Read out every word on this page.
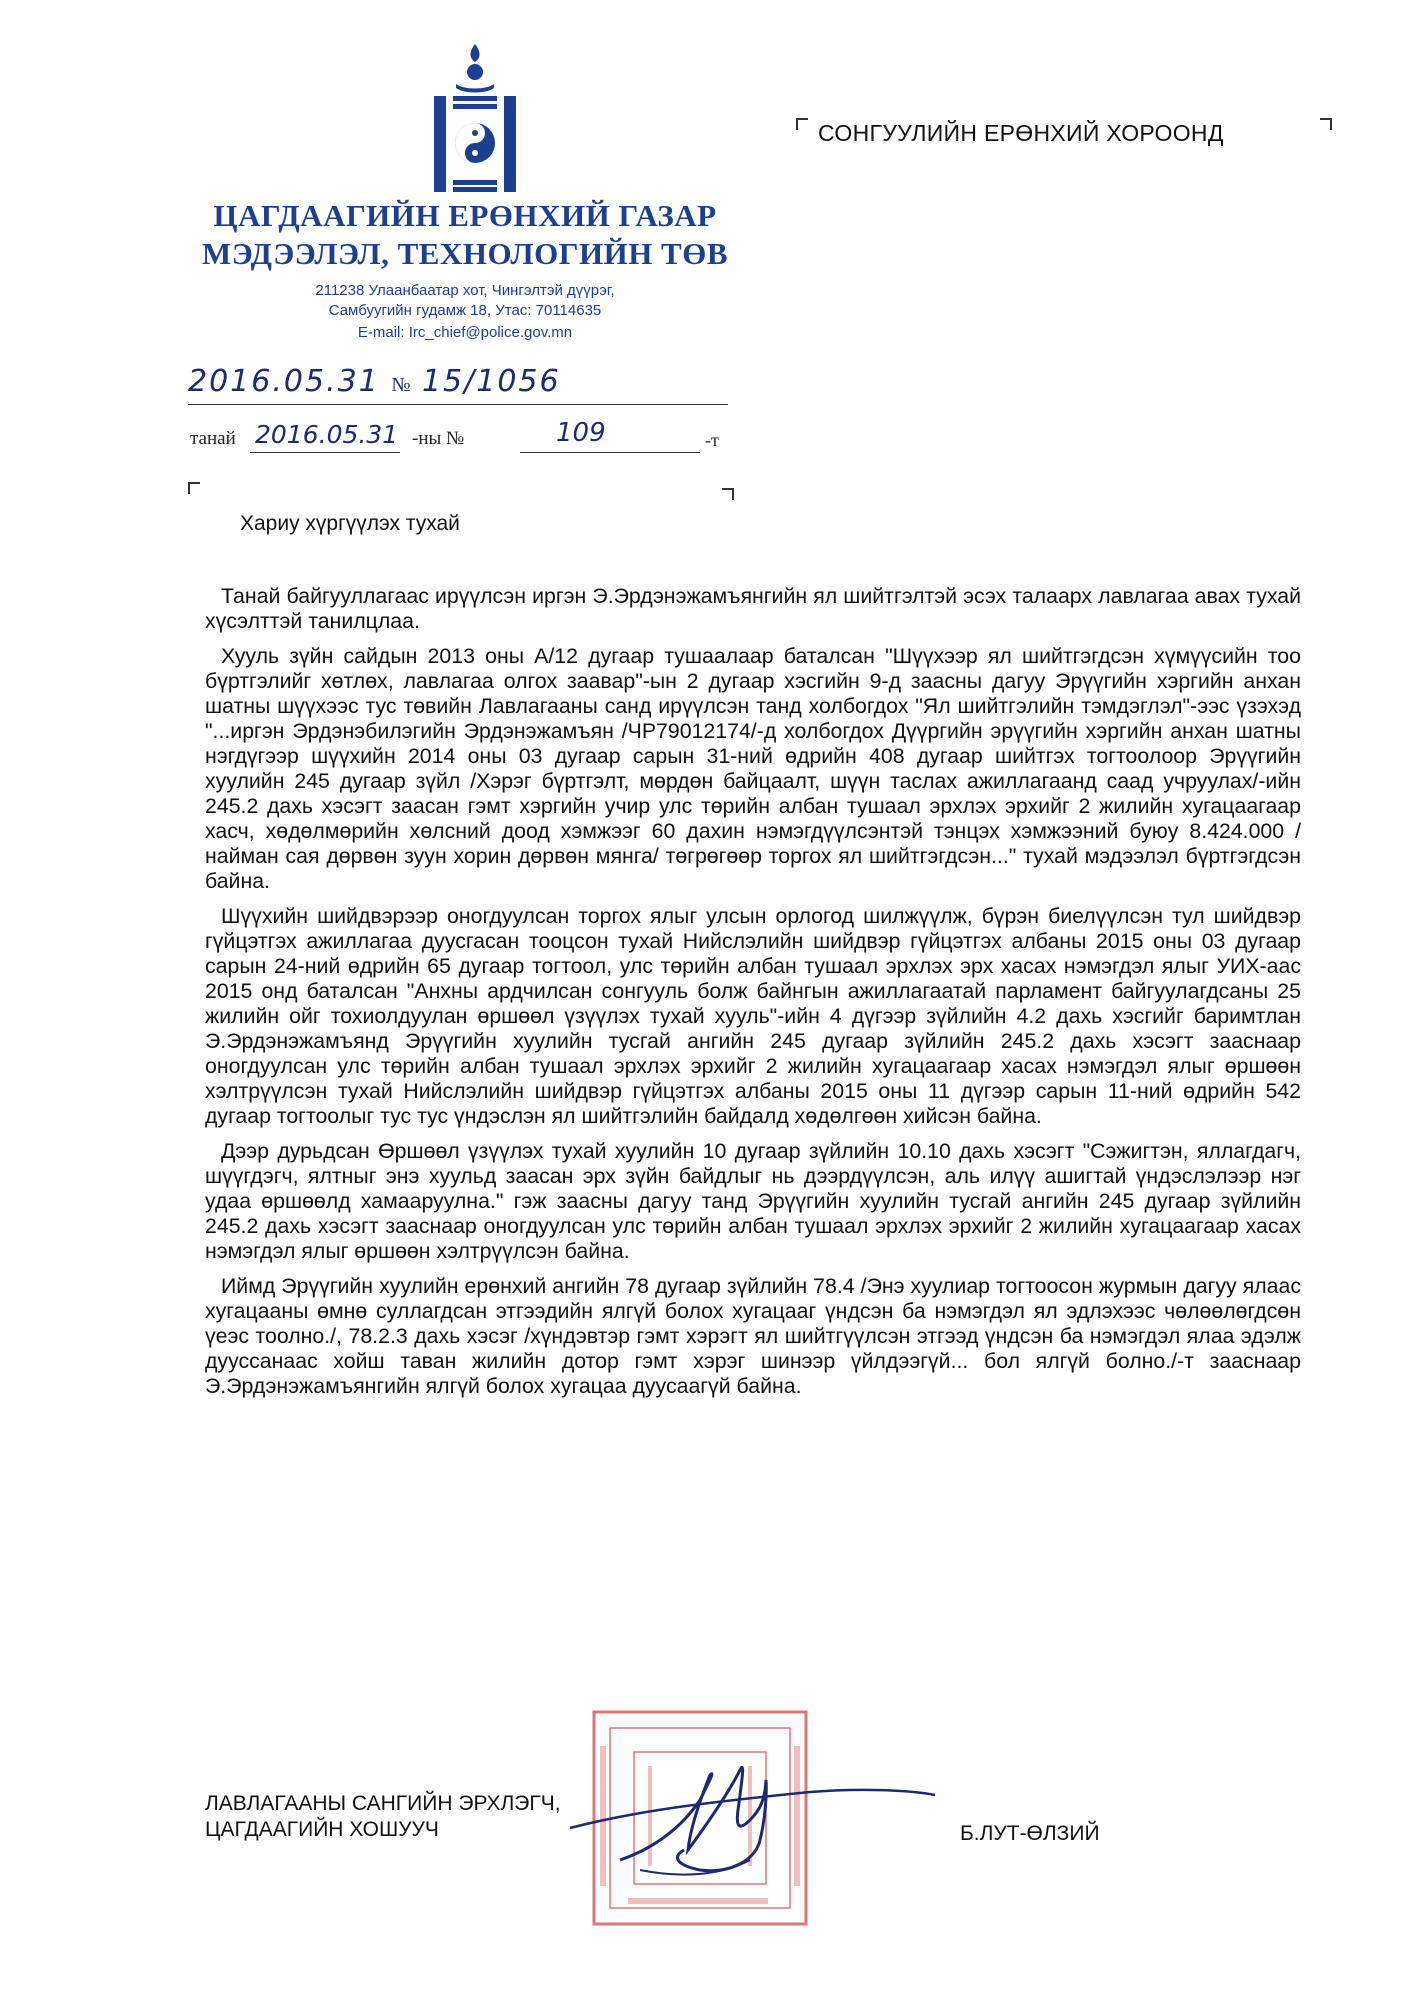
ЦАГДААГИЙН ЕРӨНХИЙ ГАЗАР
МЭДЭЭЛЭЛ, ТЕХНОЛОГИЙН ТӨВ
211238 Улаанбаатар хот, Чингэлтэй дүүрэг,
Самбуугийн гудамж 18, Утас: 70114635
E-mail: Irc_chief@police.gov.mn
2016.05.31 № 15/1056
танай 2016.05.31 -ны №	109	-т
СОНГУУЛИЙН ЕРӨНХИЙ ХОРООНД
Хариу хүргүүлэх тухай

Танай байгууллагаас ирүүлсэн иргэн Э.Эрдэнэжамъянгийн ял шийтгэлтэй эсэх талаарх лавлагаа авах тухай хүсэлттэй танилцлаа.

Хууль зүйн сайдын 2013 оны А/12 дугаар тушаалаар баталсан "Шүүхээр ял шийтгэгдсэн хүмүүсийн тоо бүртгэлийг хөтлөх, лавлагаа олгох заавар"-ын 2 дугаар хэсгийн 9-д заасны дагуу Эрүүгийн хэргийн анхан шатны шүүхээс тус төвийн Лавлагааны санд ирүүлсэн танд холбогдох "Ял шийтгэлийн тэмдэглэл"-ээс үзэхэд "...иргэн Эрдэнэбилэгийн Эрдэнэжамъян /ЧР79012174/-д холбогдох Дүүргийн эрүүгийн хэргийн анхан шатны нэгдүгээр шүүхийн 2014 оны 03 дугаар сарын 31-ний өдрийн 408 дугаар шийтгэх тогтоолоор Эрүүгийн хуулийн 245 дугаар зүйл /Хэрэг бүртгэлт, мөрдөн байцаалт, шүүн таслах ажиллагаанд саад учруулах/-ийн 245.2 дахь хэсэгт заасан гэмт хэргийн учир улс төрийн албан тушаал эрхлэх эрхийг 2 жилийн хугацаагаар хасч, хөдөлмөрийн хөлсний доод хэмжээг 60 дахин нэмэгдүүлсэнтэй тэнцэх хэмжээний буюу 8.424.000 /найман сая дөрвөн зуун хорин дөрвөн мянга/ төгрөгөөр торгох ял шийтгэгдсэн..." тухай мэдээлэл бүртгэгдсэн байна.

Шүүхийн шийдвэрээр оногдуулсан торгох ялыг улсын орлогод шилжүүлж, бүрэн биелүүлсэн тул шийдвэр гүйцэтгэх ажиллагаа дуусгасан тооцсон тухай Нийслэлийн шийдвэр гүйцэтгэх албаны 2015 оны 03 дугаар сарын 24-ний өдрийн 65 дугаар тогтоол, улс төрийн албан тушаал эрхлэх эрх хасах нэмэгдэл ялыг УИХ-аас 2015 онд баталсан "Анхны ардчилсан сонгууль болж байнгын ажиллагаатай парламент байгуулагдсаны 25 жилийн ойг тохиолдуулан өршөөл үзүүлэх тухай хууль"-ийн 4 дүгээр зүйлийн 4.2 дахь хэсгийг баримтлан Э.Эрдэнэжамъянд Эрүүгийн хуулийн тусгай ангийн 245 дугаар зүйлийн 245.2 дахь хэсэгт зааснаар оногдуулсан улс төрийн албан тушаал эрхлэх эрхийг 2 жилийн хугацаагаар хасах нэмэгдэл ялыг өршөөн хэлтрүүлсэн тухай Нийслэлийн шийдвэр гүйцэтгэх албаны 2015 оны 11 дүгээр сарын 11-ний өдрийн 542 дугаар тогтоолыг тус тус үндэслэн ял шийтгэлийн байдалд хөдөлгөөн хийсэн байна.

Дээр дурьдсан Өршөөл үзүүлэх тухай хуулийн 10 дугаар зүйлийн 10.10 дахь хэсэгт "Сэжигтэн, яллагдагч, шүүгдэгч, ялтныг энэ хуульд заасан эрх зүйн байдлыг нь дээрдүүлсэн, аль илүү ашигтай үндэслэлээр нэг удаа өршөөлд хамааруулна." гэж заасны дагуу танд Эрүүгийн хуулийн тусгай ангийн 245 дугаар зүйлийн 245.2 дахь хэсэгт зааснаар оногдуулсан улс төрийн албан тушаал эрхлэх эрхийг 2 жилийн хугацаагаар хасах нэмэгдэл ялыг өршөөн хэлтрүүлсэн байна.

Иймд Эрүүгийн хуулийн ерөнхий ангийн 78 дугаар зүйлийн 78.4 /Энэ хуулиар тогтоосон журмын дагуу ялаас хугацааны өмнө суллагдсан этгээдийн ялгүй болох хугацааг үндсэн ба нэмэгдэл ял эдлэхээс чөлөөлөгдсөн үеэс тоолно./, 78.2.3 дахь хэсэг /хүндэвтэр гэмт хэрэгт ял шийтгүүлсэн этгээд үндсэн ба нэмэгдэл ялаа эдэлж дууссанаас хойш таван жилийн дотор гэмт хэрэг шинээр үйлдээгүй... бол ялгүй болно./-т зааснаар Э.Эрдэнэжамъянгийн ялгүй болох хугацаа дуусаагүй байна.

ЛАВЛАГААНЫ САНГИЙН ЭРХЛЭГЧ,
ЦАГДААГИЙН ХОШУУЧ	Б.ЛУТ-ӨЛЗИЙ
